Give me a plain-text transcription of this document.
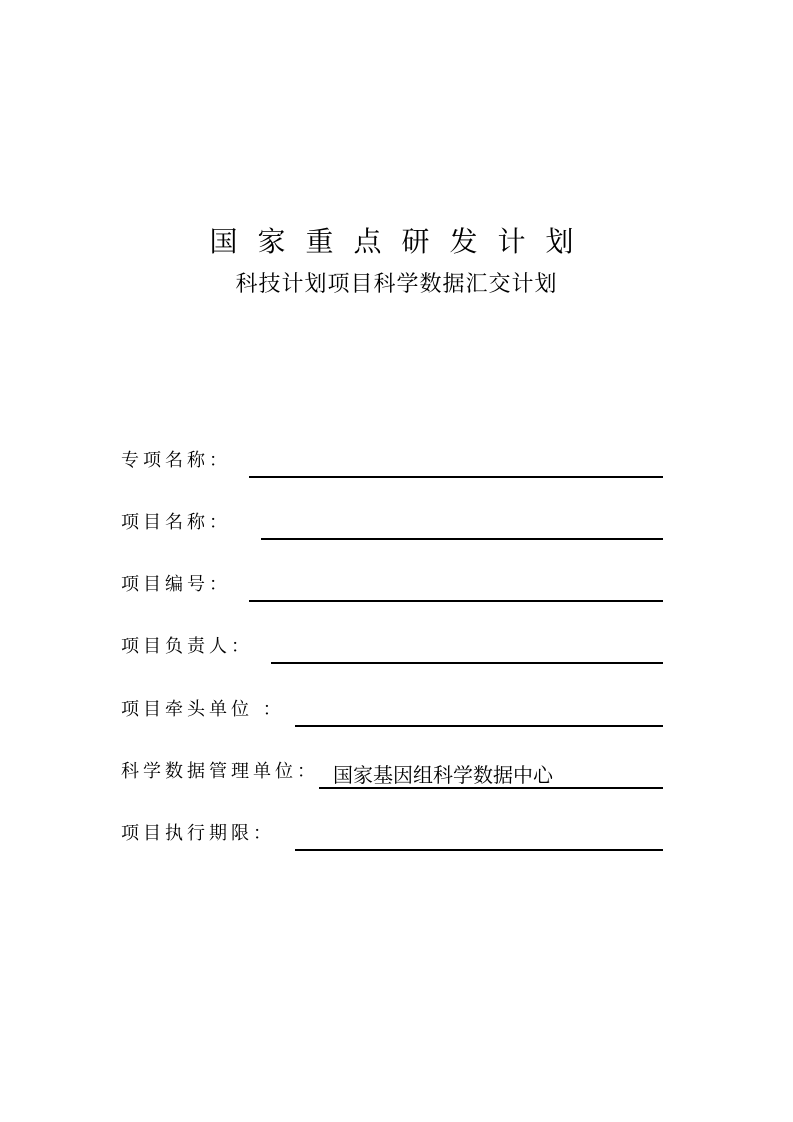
国家重点研发计划
科技计划项目科学数据汇交计划
专项名称：
项目名称：
项目编号：
项目负责人：
项目牵头单位 ：
科学数据管理单位： 国家基因组科学数据中心
项目执行期限：
